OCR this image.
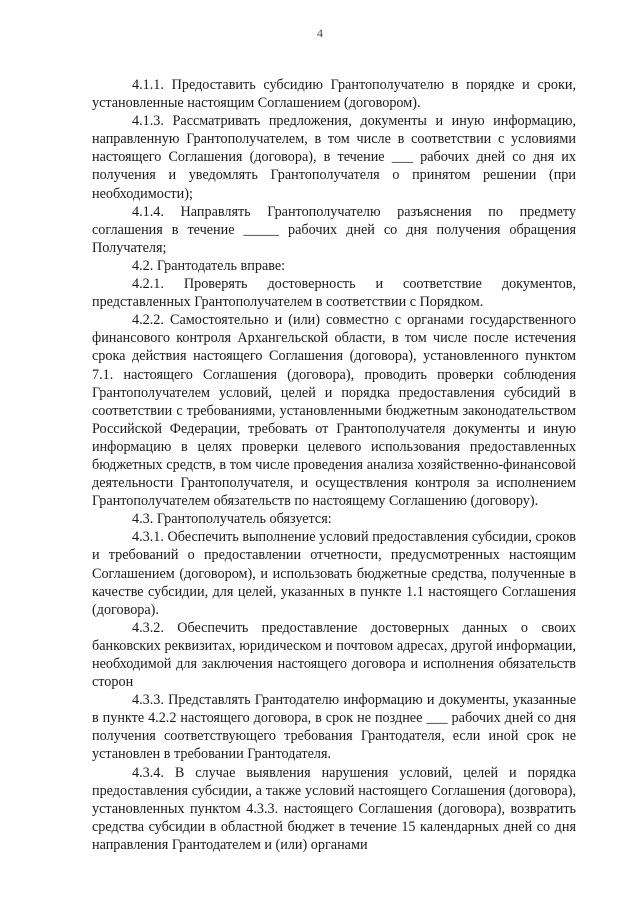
4

4.1.1. Предоставить субсидию Грантополучателю в порядке и сроки, установленные настоящим Соглашением (договором).

4.1.3. Рассматривать предложения, документы и иную информацию, направленную Грантополучателем, в том числе в соответствии с условиями настоящего Соглашения (договора), в течение ___ рабочих дней со дня их получения и уведомлять Грантополучателя о принятом решении (при необходимости);

4.1.4. Направлять Грантополучателю разъяснения по предмету соглашения в течение _____ рабочих дней со дня получения обращения Получателя;

4.2. Грантодатель вправе:

4.2.1. Проверять достоверность и соответствие документов, представленных Грантополучателем в соответствии с Порядком.

4.2.2. Самостоятельно и (или) совместно с органами государственного финансового контроля Архангельской области, в том числе после истечения срока действия настоящего Соглашения (договора), установленного пунктом 7.1. настоящего Соглашения (договора), проводить проверки соблюдения Грантополучателем условий, целей и порядка предоставления субсидий в соответствии с требованиями, установленными бюджетным законодательством Российской Федерации, требовать от Грантополучателя документы и иную информацию в целях проверки целевого использования предоставленных бюджетных средств, в том числе проведения анализа хозяйственно-финансовой деятельности Грантополучателя, и осуществления контроля за исполнением Грантополучателем обязательств по настоящему Соглашению (договору).

4.3. Грантополучатель обязуется:

4.3.1. Обеспечить выполнение условий предоставления субсидии, сроков и требований о предоставлении отчетности, предусмотренных настоящим Соглашением (договором), и использовать бюджетные средства, полученные в качестве субсидии, для целей, указанных в пункте 1.1 настоящего Соглашения (договора).

4.3.2. Обеспечить предоставление достоверных данных о своих банковских реквизитах, юридическом и почтовом адресах, другой информации, необходимой для заключения настоящего договора и исполнения обязательств сторон

4.3.3. Представлять Грантодателю информацию и документы, указанные в пункте 4.2.2 настоящего договора, в срок не позднее ___ рабочих дней со дня получения соответствующего требования Грантодателя, если иной срок не установлен в требовании Грантодателя.

4.3.4. В случае выявления нарушения условий, целей и порядка предоставления субсидии, а также условий настоящего Соглашения (договора), установленных пунктом 4.3.3. настоящего Соглашения (договора), возвратить средства субсидии в областной бюджет в течение 15 календарных дней со дня направления Грантодателем и (или) органами
